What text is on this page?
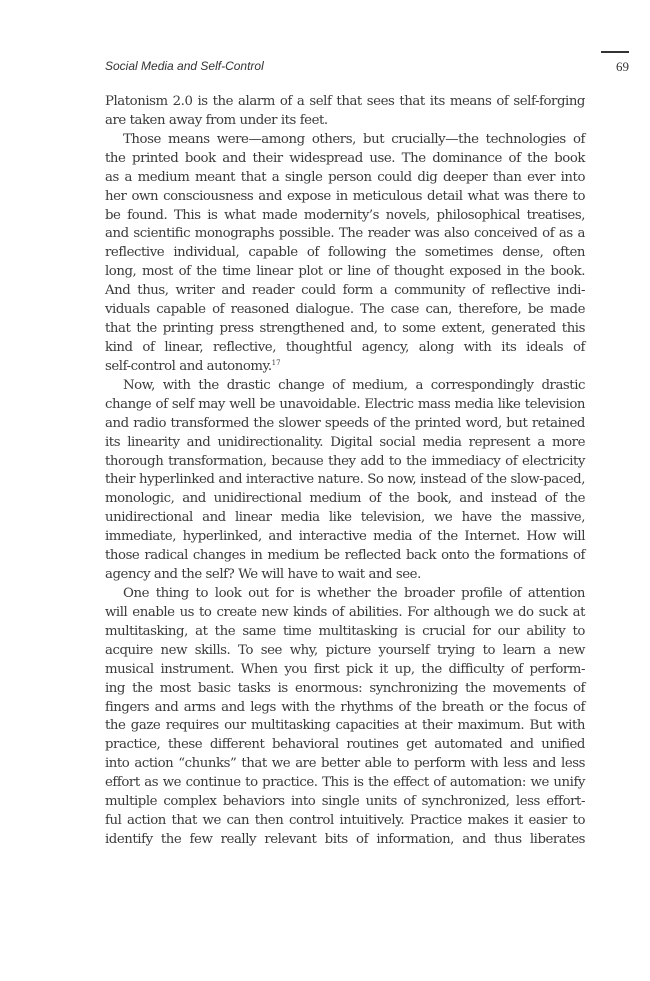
Social Media and Self-Control	69
Platonism 2.0 is the alarm of a self that sees that its means of self-forging
are taken away from under its feet.
Those means were—among others, but crucially—the technologies of
the printed book and their widespread use. The dominance of the book
as a medium meant that a single person could dig deeper than ever into
her own consciousness and expose in meticulous detail what was there to
be found. This is what made modernity’s novels, philosophical treatises,
and scientific monographs possible. The reader was also conceived of as a
reflective individual, capable of following the sometimes dense, often
long, most of the time linear plot or line of thought exposed in the book.
And thus, writer and reader could form a community of reflective indi-
viduals capable of reasoned dialogue. The case can, therefore, be made
that the printing press strengthened and, to some extent, generated this
kind of linear, reflective, thoughtful agency, along with its ideals of
self-control and autonomy.$^{17}$
Now, with the drastic change of medium, a correspondingly drastic
change of self may well be unavoidable. Electric mass media like television
and radio transformed the slower speeds of the printed word, but retained
its linearity and unidirectionality. Digital social media represent a more
thorough transformation, because they add to the immediacy of electricity
their hyperlinked and interactive nature. So now, instead of the slow-paced,
monologic, and unidirectional medium of the book, and instead of the
unidirectional and linear media like television, we have the massive,
immediate, hyperlinked, and interactive media of the Internet. How will
those radical changes in medium be reflected back onto the formations of
agency and the self? We will have to wait and see.
One thing to look out for is whether the broader profile of attention
will enable us to create new kinds of abilities. For although we do suck at
multitasking, at the same time multitasking is crucial for our ability to
acquire new skills. To see why, picture yourself trying to learn a new
musical instrument. When you first pick it up, the difficulty of perform-
ing the most basic tasks is enormous: synchronizing the movements of
fingers and arms and legs with the rhythms of the breath or the focus of
the gaze requires our multitasking capacities at their maximum. But with
practice, these different behavioral routines get automated and unified
into action “chunks” that we are better able to perform with less and less
effort as we continue to practice. This is the effect of automation: we unify
multiple complex behaviors into single units of synchronized, less effort-
ful action that we can then control intuitively. Practice makes it easier to
identify the few really relevant bits of information, and thus liberates
